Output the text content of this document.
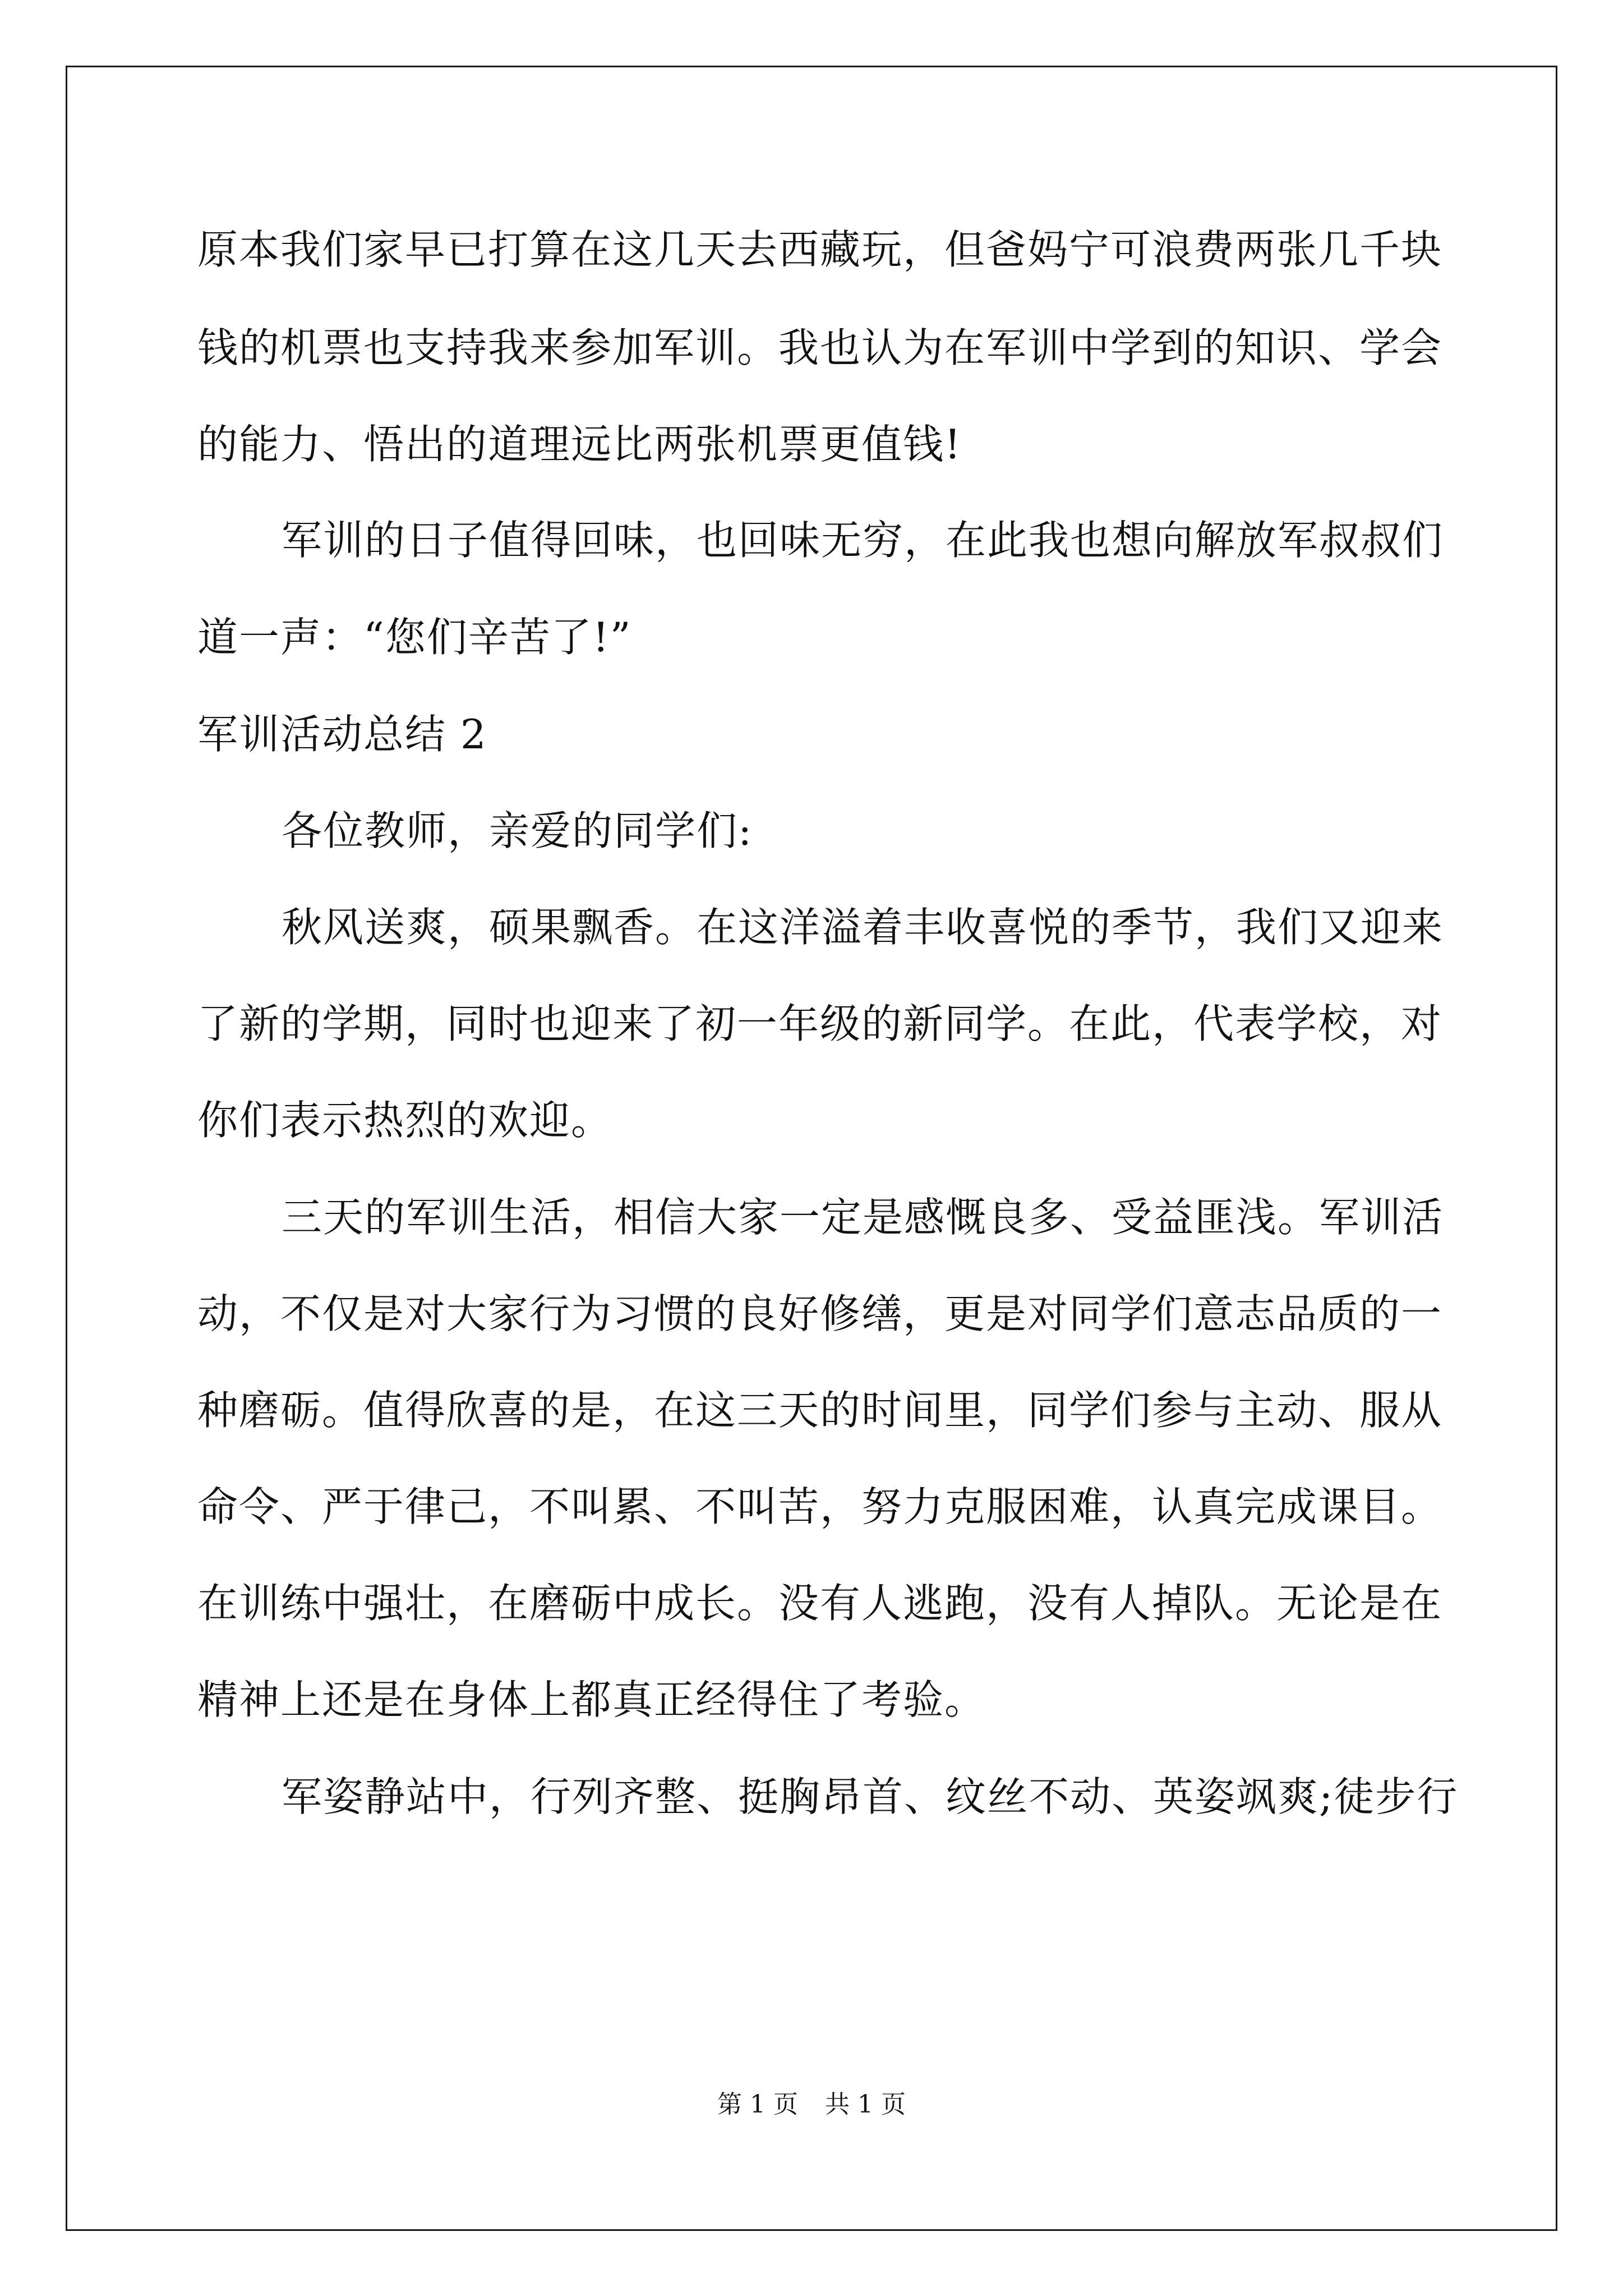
原本我们家早已打算在这几天去西藏玩，但爸妈宁可浪费两张几千块
钱的机票也支持我来参加军训。我也认为在军训中学到的知识、学会
的能力、悟出的道理远比两张机票更值钱!
军训的日子值得回味，也回味无穷，在此我也想向解放军叔叔们
道一声：“您们辛苦了!”
军训活动总结 2
各位教师，亲爱的同学们:
秋风送爽，硕果飘香。在这洋溢着丰收喜悦的季节，我们又迎来
了新的学期，同时也迎来了初一年级的新同学。在此，代表学校，对
你们表示热烈的欢迎。
三天的军训生活，相信大家一定是感慨良多、受益匪浅。军训活
动，不仅是对大家行为习惯的良好修缮，更是对同学们意志品质的一
种磨砺。值得欣喜的是，在这三天的时间里，同学们参与主动、服从
命令、严于律己，不叫累、不叫苦，努力克服困难，认真完成课目。
在训练中强壮，在磨砺中成长。没有人逃跑，没有人掉队。无论是在
精神上还是在身体上都真正经得住了考验。
军姿静站中，行列齐整、挺胸昂首、纹丝不动、英姿飒爽;徒步行
第 1 页 共 1 页
